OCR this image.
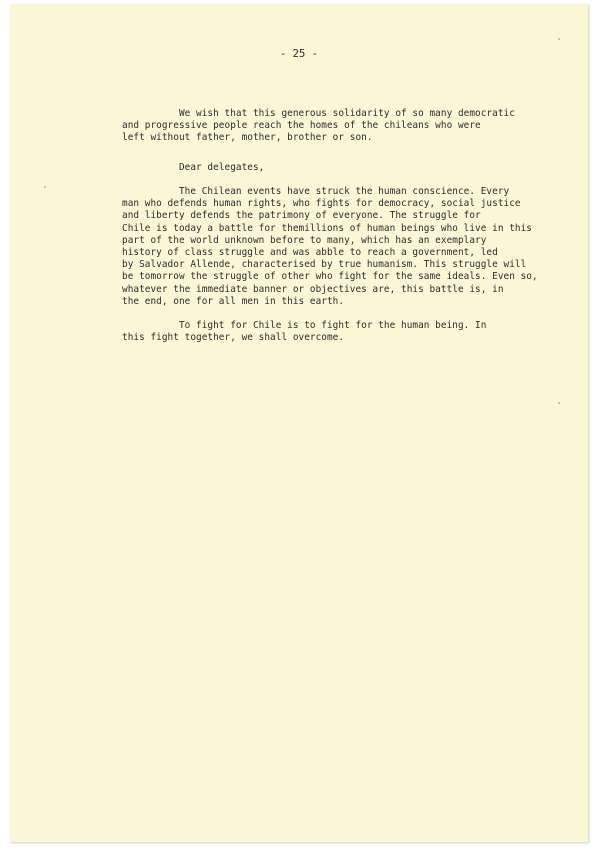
- 25 -

We wish that this generous solidarity of so many democratic
and progressive people reach the homes of the chileans who were
left without father, mother, brother or son.

Dear delegates,

The Chilean events have struck the human conscience. Every
man who defends human rights, who fights for democracy, social justice
and liberty defends the patrimony of everyone. The struggle for
Chile is today a battle for themillions of human beings who live in this
part of the world unknown before to many, which has an exemplary
history of class struggle and was abble to reach a government, led
by Salvador Allende, characterised by true humanism. This struggle will
be tomorrow the struggle of other who fight for the same ideals. Even so,
whatever the immediate banner or objectives are, this battle is, in
the end, one for all men in this earth.

To fight for Chile is to fight for the human being. In
this fight together, we shall overcome.
